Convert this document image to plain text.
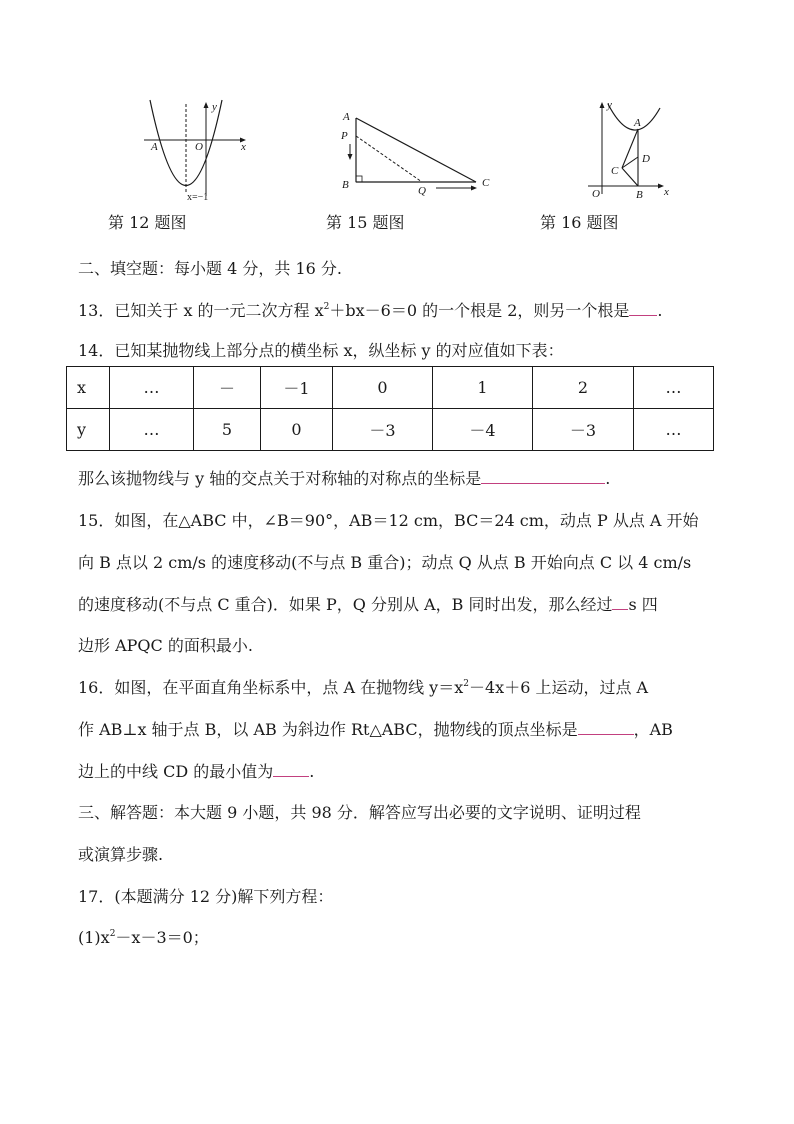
y
x
A	O
x=−1
A
P
B	Q
C
y
x
A
D
C
O	B
第 12 题图	第 15 题图	第 16 题图
二、填空题：每小题 4 分，共 16 分.
13．已知关于 x 的一元二次方程 $x^2+bx-6=0$ 的一个根是 2，则另一个根是 .
14．已知某抛物线上部分点的横坐标 x，纵坐标 y 的对应值如下表：
x	…	－	－1	0	1	2	…
y	…	5	0	－3	－4	－3	…
那么该抛物线与 y 轴的交点关于对称轴的对称点的坐标是	.
15．如图，在△ABC 中，∠B＝90°，AB＝12 cm，BC＝24 cm，动点 P 从点 A 开始
向 B 点以 2 cm/s 的速度移动(不与点 B 重合)；动点 Q 从点 B 开始向点 C 以 4 cm/s
的速度移动(不与点 C 重合)．如果 P，Q 分别从 A，B 同时出发，那么经过 s 四
边形 APQC 的面积最小.
16．如图，在平面直角坐标系中，点 A 在抛物线 $y=x^2-4x+6$ 上运动，过点 A
作 AB⊥x 轴于点 B，以 AB 为斜边作 Rt△ABC，抛物线的顶点坐标是	，AB
边上的中线 CD 的最小值为 .
三、解答题：本大题 9 小题，共 98 分．解答应写出必要的文字说明、证明过程
或演算步骤.
17．(本题满分 12 分)解下列方程：
$(1)x^2-x-3=0$；
